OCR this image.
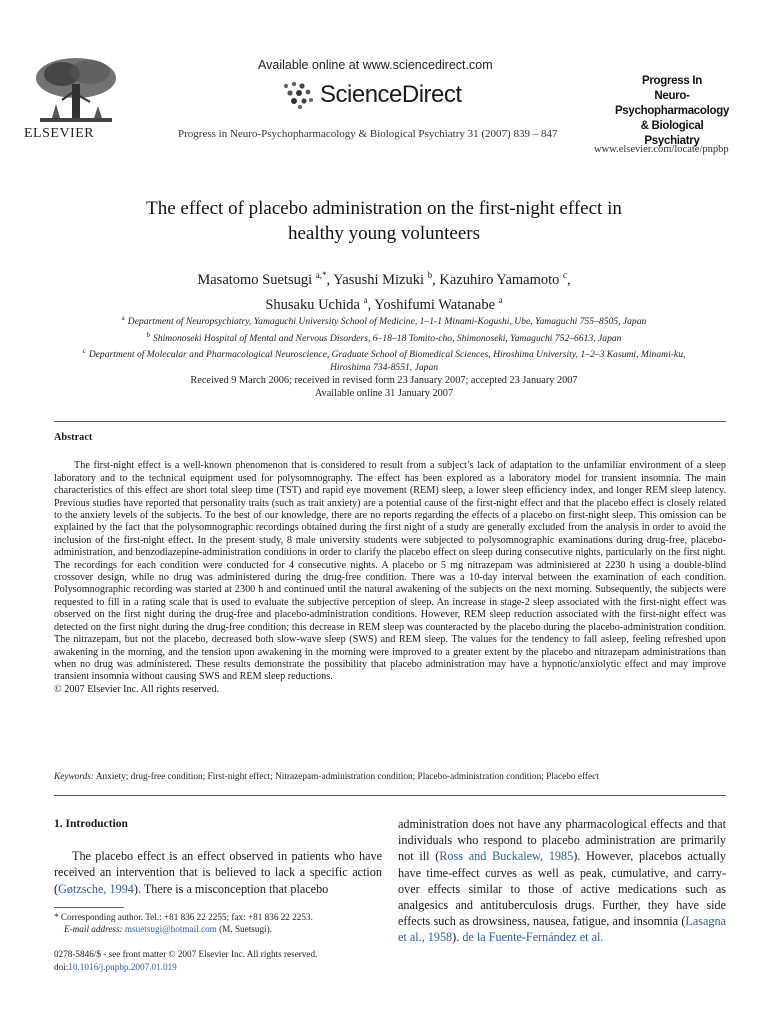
ELSEVIER
Available online at www.sciencedirect.com
ScienceDirect
Progress in Neuro-Psychopharmacology & Biological Psychiatry 31 (2007) 839 – 847
Progress In
Neuro-Psychopharmacology
& Biological Psychiatry
www.elsevier.com/locate/pnpbp
The effect of placebo administration on the first-night effect in
healthy young volunteers
Masatomo Suetsugi $^{a,*}$, Yasushi Mizuki $^b$, Kazuhiro Yamamoto $^c$,
Shusaku Uchida $^a$, Yoshifumi Watanabe $^a$
$^a$ Department of Neuropsychiatry, Yamaguchi University School of Medicine, 1–1-1 Minami-Kogushi, Ube, Yamaguchi 755–8505, Japan
$^b$ Shimonoseki Hospital of Mental and Nervous Disorders, 6–18–18 Tomito-cho, Shimonoseki, Yamaguchi 752–6613, Japan
$^c$ Department of Molecular and Pharmacological Neuroscience, Graduate School of Biomedical Sciences, Hiroshima University, 1–2–3 Kasumi, Minami-ku,
Hiroshima 734-8551, Japan
Received 9 March 2006; received in revised form 23 January 2007; accepted 23 January 2007
Available online 31 January 2007
Abstract
The first-night effect is a well-known phenomenon that is considered to result from a subject’s lack of adaptation to the unfamiliar environment of a sleep laboratory and to the technical equipment used for polysomnography. The effect has been explored as a laboratory model for transient insomnia. The main characteristics of this effect are short total sleep time (TST) and rapid eye movement (REM) sleep, a lower sleep efficiency index, and longer REM sleep latency. Previous studies have reported that personality traits (such as trait anxiety) are a potential cause of the first-night effect and that the placebo effect is closely related to the anxiety levels of the subjects. To the best of our knowledge, there are no reports regarding the effects of a placebo on first-night sleep. This omission can be explained by the fact that the polysomnographic recordings obtained during the first night of a study are generally excluded from the analysis in order to avoid the inclusion of the first-night effect. In the present study, 8 male university students were subjected to polysomnographic examinations during drug-free, placebo-administration, and benzodiazepine-administration conditions in order to clarify the placebo effect on sleep during consecutive nights, particularly on the first night. The recordings for each condition were conducted for 4 consecutive nights. A placebo or 5 mg nitrazepam was administered at 2230 h using a double-blind crossover design, while no drug was administered during the drug-free condition. There was a 10-day interval between the examination of each condition. Polysomnographic recording was started at 2300 h and continued until the natural awakening of the subjects on the next morning. Subsequently, the subjects were requested to fill in a rating scale that is used to evaluate the subjective perception of sleep. An increase in stage-2 sleep associated with the first-night effect was observed on the first night during the drug-free and placebo-administration conditions. However, REM sleep reduction associated with the first-night effect was detected on the first night during the drug-free condition; this decrease in REM sleep was counteracted by the placebo during the placebo-administration condition. The nitrazepam, but not the placebo, decreased both slow-wave sleep (SWS) and REM sleep. The values for the tendency to fall asleep, feeling refreshed upon awakening in the morning, and the tension upon awakening in the morning were improved to a greater extent by the placebo and nitrazepam administrations than when no drug was administered. These results demonstrate the possibility that placebo administration may have a hypnotic/anxiolytic effect and may improve transient insomnia without causing SWS and REM sleep reductions.
© 2007 Elsevier Inc. All rights reserved.
Keywords: Anxiety; drug-free condition; First-night effect; Nitrazepam-administration condition; Placebo-administration condition; Placebo effect
1. Introduction
The placebo effect is an effect observed in patients who have received an intervention that is believed to lack a specific action (Gøtzsche, 1994). There is a misconception that placebo
administration does not have any pharmacological effects and that individuals who respond to placebo administration are primarily not ill (Ross and Buckalew, 1985). However, placebos actually have time-effect curves as well as peak, cumulative, and carry-over effects similar to those of active medications such as analgesics and antituberculosis drugs. Further, they have side effects such as drowsiness, nausea, fatigue, and insomnia (Lasagna et al., 1958). de la Fuente-Fernández et al.
* Corresponding author. Tel.: +81 836 22 2255; fax: +81 836 22 2253.
E-mail address: msuetsugi@hotmail.com (M. Suetsugi).
0278-5846/$ - see front matter © 2007 Elsevier Inc. All rights reserved.
doi:10.1016/j.pnpbp.2007.01.019
